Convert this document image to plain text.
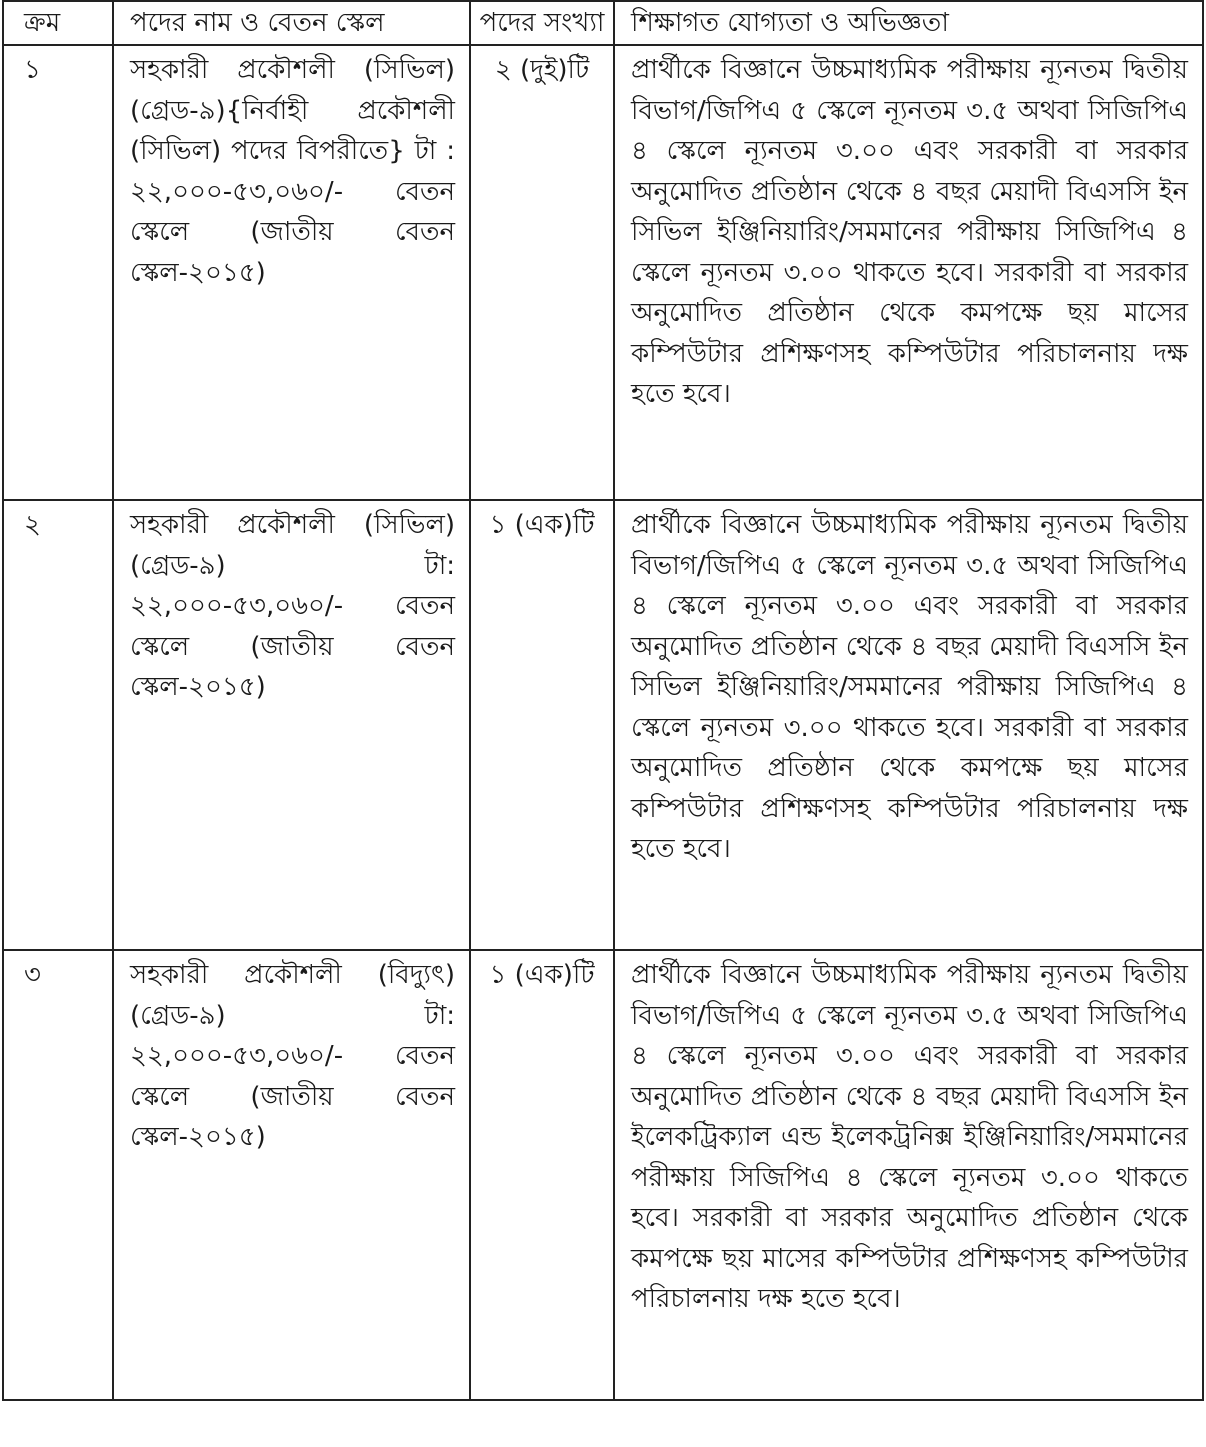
ক্রম	পদের নাম ও বেতন স্কেল	পদের সংখ্যা	শিক্ষাগত যোগ্যতা ও অভিজ্ঞতা
১	সহকারী প্রকৌশলী (সিভিল) (গ্রেড-৯){নির্বাহী প্রকৌশলী (সিভিল) পদের বিপরীতে} টা : ২২,০০০-৫৩,০৬০/- বেতন স্কেলে (জাতীয় বেতন স্কেল-২০১৫)	২ (দুই)টি	প্রার্থীকে বিজ্ঞানে উচ্চমাধ্যমিক পরীক্ষায় ন্যূনতম দ্বিতীয় বিভাগ/জিপিএ ৫ স্কেলে ন্যূনতম ৩.৫ অথবা সিজিপিএ ৪ স্কেলে ন্যূনতম ৩.০০ এবং সরকারী বা সরকার অনুমোদিত প্রতিষ্ঠান থেকে ৪ বছর মেয়াদী বিএসসি ইন সিভিল ইঞ্জিনিয়ারিং/সমমানের পরীক্ষায় সিজিপিএ ৪ স্কেলে ন্যূনতম ৩.০০ থাকতে হবে। সরকারী বা সরকার অনুমোদিত প্রতিষ্ঠান থেকে কমপক্ষে ছয় মাসের কম্পিউটার প্রশিক্ষণসহ কম্পিউটার পরিচালনায় দক্ষ হতে হবে।
২	সহকারী প্রকৌশলী (সিভিল) (গ্রেড-৯) টা: ২২,০০০-৫৩,০৬০/- বেতন স্কেলে (জাতীয় বেতন স্কেল-২০১৫)	১ (এক)টি	প্রার্থীকে বিজ্ঞানে উচ্চমাধ্যমিক পরীক্ষায় ন্যূনতম দ্বিতীয় বিভাগ/জিপিএ ৫ স্কেলে ন্যূনতম ৩.৫ অথবা সিজিপিএ ৪ স্কেলে ন্যূনতম ৩.০০ এবং সরকারী বা সরকার অনুমোদিত প্রতিষ্ঠান থেকে ৪ বছর মেয়াদী বিএসসি ইন সিভিল ইঞ্জিনিয়ারিং/সমমানের পরীক্ষায় সিজিপিএ ৪ স্কেলে ন্যূনতম ৩.০০ থাকতে হবে। সরকারী বা সরকার অনুমোদিত প্রতিষ্ঠান থেকে কমপক্ষে ছয় মাসের কম্পিউটার প্রশিক্ষণসহ কম্পিউটার পরিচালনায় দক্ষ হতে হবে।
৩	সহকারী প্রকৌশলী (বিদ্যুৎ) (গ্রেড-৯) টা: ২২,০০০-৫৩,০৬০/- বেতন স্কেলে (জাতীয় বেতন স্কেল-২০১৫)	১ (এক)টি	প্রার্থীকে বিজ্ঞানে উচ্চমাধ্যমিক পরীক্ষায় ন্যূনতম দ্বিতীয় বিভাগ/জিপিএ ৫ স্কেলে ন্যূনতম ৩.৫ অথবা সিজিপিএ ৪ স্কেলে ন্যূনতম ৩.০০ এবং সরকারী বা সরকার অনুমোদিত প্রতিষ্ঠান থেকে ৪ বছর মেয়াদী বিএসসি ইন ইলেকট্রিক্যাল এন্ড ইলেকট্রনিক্স ইঞ্জিনিয়ারিং/সমমানের পরীক্ষায় সিজিপিএ ৪ স্কেলে ন্যূনতম ৩.০০ থাকতে হবে। সরকারী বা সরকার অনুমোদিত প্রতিষ্ঠান থেকে কমপক্ষে ছয় মাসের কম্পিউটার প্রশিক্ষণসহ কম্পিউটার পরিচালনায় দক্ষ হতে হবে।
